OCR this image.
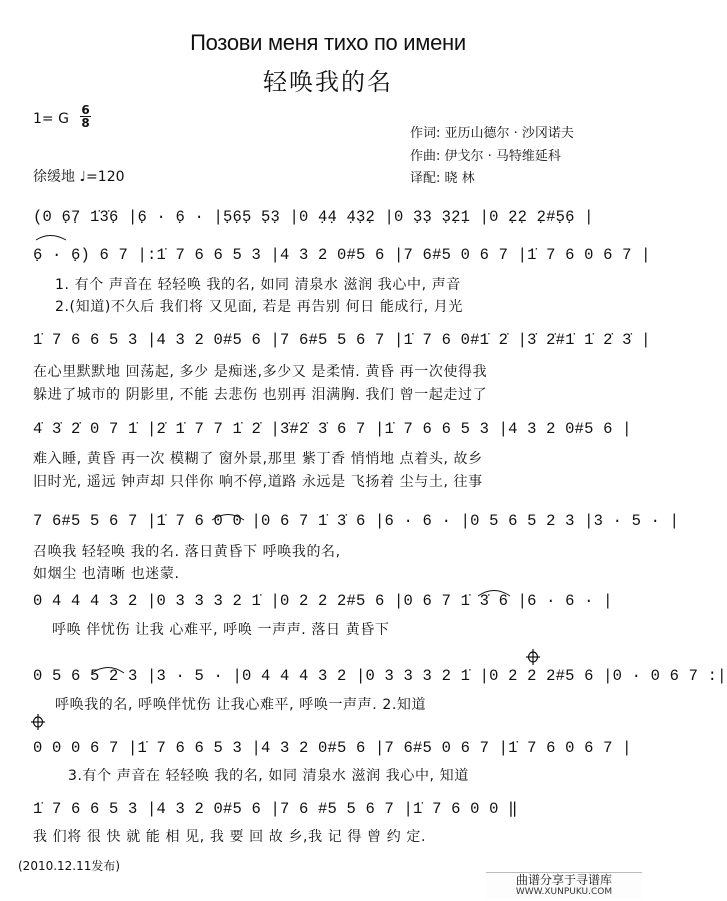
Позови меня тихо по имени
轻唤我的名
1= G
6
8
徐缓地 ♩=120
作词: 亚历山德尔 · 沙冈诺夫
作曲: 伊戈尔 · 马特维延科
译配: 晓 林
(0 6̣7̣ 1̇3̇6̣ |6̣ · 6̣ · |5̣6̣5̣ 5̣3̣ |0 4̣4̣ 4̣3̣2̣ |0 3̣3̣ 3̣2̣1̣ |0 2̣2̣ 2̣#5̣6̣ |
6̣ · 6̣) 6 7 |:1̇ 7 6 6 5 3 |4 3 2 0#5 6 |7 6#5 0 6 7 |1̇ 7 6 0 6 7 |
1. 有个 声音在 轻轻唤 我的名, 如同 清泉水 滋润 我心中, 声音
2.(知道)不久后 我们将 又见面, 若是 再告别 何日 能成行, 月光
1̇ 7 6 6 5 3 |4 3 2 0#5 6 |7 6#5 5 6 7 |1̇ 7 6 0#1̇ 2̇ |3̇ 2̇#1̇ 1̇ 2̇ 3̇ |
在心里默默地 回荡起, 多少 是痴迷,多少又 是柔情. 黄昏 再一次使得我
躲进了城市的 阴影里, 不能 去悲伤 也别再 泪满胸. 我们 曾一起走过了
4̇ 3̇ 2̇ 0 7 1̇ |2̇ 1̇ 7 7 1̇ 2̇ |3̇#2̇ 3̇ 6 7 |1̇ 7 6 6 5 3 |4 3 2 0#5 6 |
难入睡, 黄昏 再一次 模糊了 窗外景,那里 紫丁香 悄悄地 点着头, 故乡
旧时光, 遥远 钟声却 只伴你 响不停,道路 永远是 飞扬着 尘与土, 往事
7 6#5 5 6 7 |1̇ 7 6 0 0 |0 6 7 1̇ 3̇ 6 |6 · 6 · |0 5 6 5 2 3 |3 · 5 · |
召唤我 轻轻唤 我的名. 落日黄昏下 呼唤我的名,
如烟尘 也清晰 也迷蒙.
0 4 4 4 3 2 |0 3 3 3 2 1̇ |0 2 2 2#5 6 |0 6 7 1̇ 3̇ 6 |6 · 6 · |
呼唤 伴忧伤 让我 心难平, 呼唤 一声声. 落日 黄昏下
0 5 6 5 2 3 |3 · 5 · |0 4 4 4 3 2 |0 3 3 3 2 1̇ |0 2 2 2#5 6 |0 · 0 6 7 :|
呼唤我的名, 呼唤伴忧伤 让我心难平, 呼唤一声声. 2.知道
0 0 0 6 7 |1̇ 7 6 6 5 3 |4 3 2 0#5 6 |7 6#5 0 6 7 |1̇ 7 6 0 6 7 |
3.有个 声音在 轻轻唤 我的名, 如同 清泉水 滋润 我心中, 知道
1̇ 7 6 6 5 3 |4 3 2 0#5 6 |7 6 #5 5 6 7 |1̇ 7 6 0 0 ‖
我 们将 很 快 就 能 相 见, 我 要 回 故 乡,我 记 得 曾 约 定.
(2010.12.11发布)
曲谱分享于寻谱库
WWW.XUNPUKU.COM
